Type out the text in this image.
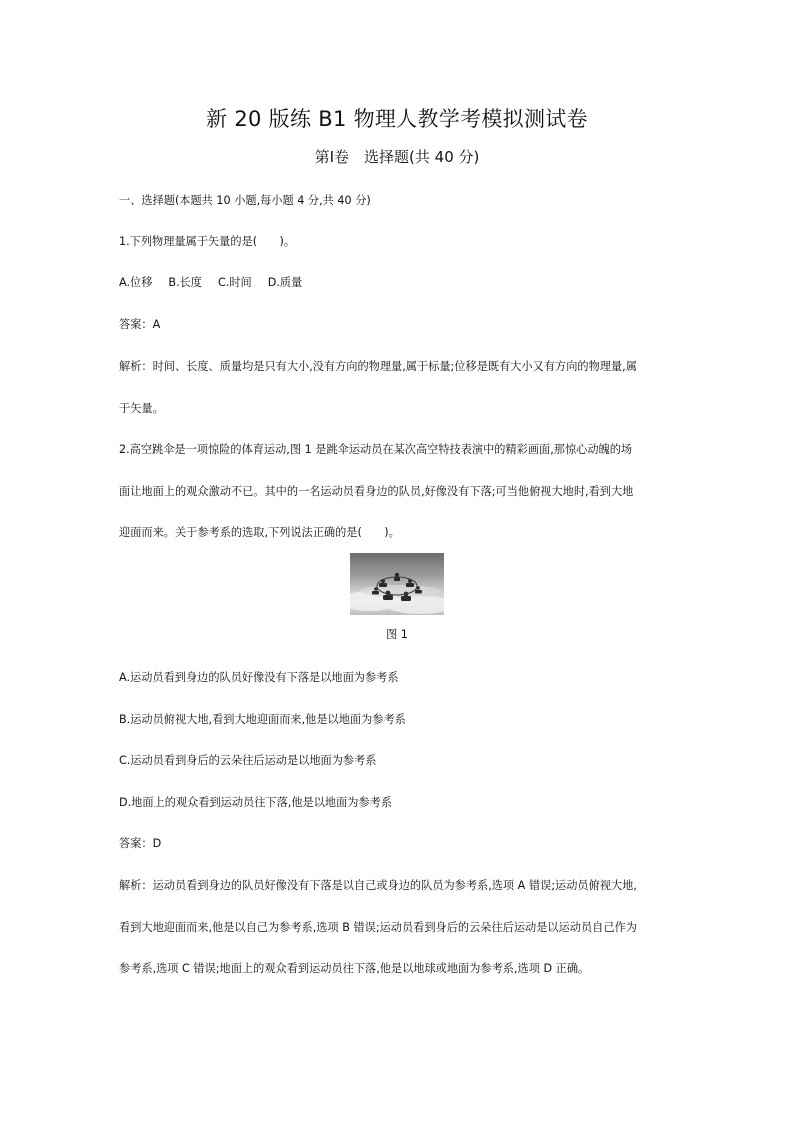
新 20 版练 B1 物理人教学考模拟测试卷
第Ⅰ卷　选择题(共 40 分)
一、选择题(本题共 10 小题,每小题 4 分,共 40 分)
1.下列物理量属于矢量的是(　　)。
A.位移 B.长度 C.时间 D.质量
答案：A
解析：时间、长度、质量均是只有大小,没有方向的物理量,属于标量;位移是既有大小又有方向的物理量,属
于矢量。
2.高空跳伞是一项惊险的体育运动,图 1 是跳伞运动员在某次高空特技表演中的精彩画面,那惊心动魄的场
面让地面上的观众激动不已。其中的一名运动员看身边的队员,好像没有下落;可当他俯视大地时,看到大地
迎面而来。关于参考系的选取,下列说法正确的是(　　)。
图 1
A.运动员看到身边的队员好像没有下落是以地面为参考系
B.运动员俯视大地,看到大地迎面而来,他是以地面为参考系
C.运动员看到身后的云朵往后运动是以地面为参考系
D.地面上的观众看到运动员往下落,他是以地面为参考系
答案：D
解析：运动员看到身边的队员好像没有下落是以自己或身边的队员为参考系,选项 A 错误;运动员俯视大地,
看到大地迎面而来,他是以自己为参考系,选项 B 错误;运动员看到身后的云朵往后运动是以运动员自己作为
参考系,选项 C 错误;地面上的观众看到运动员往下落,他是以地球或地面为参考系,选项 D 正确。
